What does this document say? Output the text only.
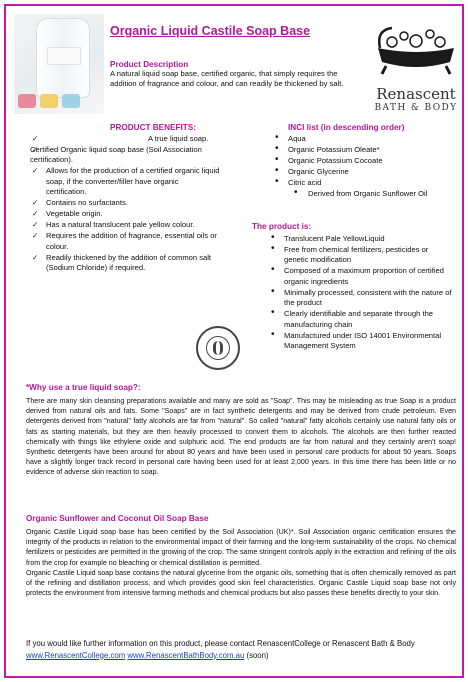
Organic Liquid Castile Soap Base
Renascent
BATH & BODY
Product Description
A natural liquid soap base, certified organic, that simply requires the addition of fragrance and colour, and can readily be thickened by salt.
PRODUCT BENEFITS:
✓ A true liquid soap.
✓ Certified Organic liquid soap base (Soil Association certification).
✓ Allows for the production of a certified organic liquid soap, if the converter/filler have organic certification.
✓ Contains no surfactants.
✓ Vegetable origin.
✓ Has a natural translucent pale yellow colour.
✓ Requires the addition of fragrance, essential oils or colour.
✓ Readily thickened by the addition of common salt (Sodium Chloride) if required.
INCI list (in descending order)
• Aqua
• Organic Potassium Oleate*
• Organic Potassium Cocoate
• Organic Glycerine
• Citric acid
• Derived from Organic Sunflower Oil
The product is:
• Translucent Pale YellowLiquid
• Free from chemical fertilizers, pesticides or genetic modification
• Composed of a maximum proportion of certified organic ingredients
• Minimally processed, consistent with the nature of the product
• Clearly identifiable and separate through the manufacturing chain
• Manufactured under ISO 14001 Environmental Management System
*Why use a true liquid soap?:
There are many skin cleansing preparations available and many are sold as "Soap". This may be misleading as true Soap is a product derived from natural oils and fats. Some "Soaps" are in fact synthetic detergents and may be derived from crude petroleum. Even detergents derived from "natural" fatty alcohols are far from "natural". So called "natural" fatty alcohols certainly use natural fatty oils or fats as starting materials, but they are then heavily processed to convert them to alcohols. The alcohols are then further reacted chemically with things like ethylene oxide and sulphuric acid. The end products are far from natural and they certainly aren't soap! Synthetic detergents have been around for about 80 years and have been used in personal care products for about 50 years. Soaps have a slightly longer track record in personal care having been used for at least 2,000 years. In this time there has been little or no evidence of adverse skin reaction to soap.
Organic Sunflower and Coconut Oil Soap Base
Organic Castile Liquid soap base has been certified by the Soil Association (UK)*. Soil Association organic certification ensures the integrity of the products in relation to the environmental impact of their farming and the long-term sustainability of the crops. No chemical fertilizers or pesticides are permitted in the growing of the crop. The same stringent controls apply in the extraction and refining of the oils from the crop for example no bleaching or chemical distillation is permitted.
Organic Castile Liquid soap base contains the natural glycerine from the organic oils, something that is often chemically removed as part of the refining and distillation process, and which provides good skin feel characteristics. Organic Castile Liquid soap base not only protects the environment from intensive farming methods and chemical products but also passes these benefits directly to your skin.
If you would like further information on this product, please contact RenascentCollege or Renascent Bath & Body www.RenascentCollege.com www.RenascentBathBody.com.au (soon)
